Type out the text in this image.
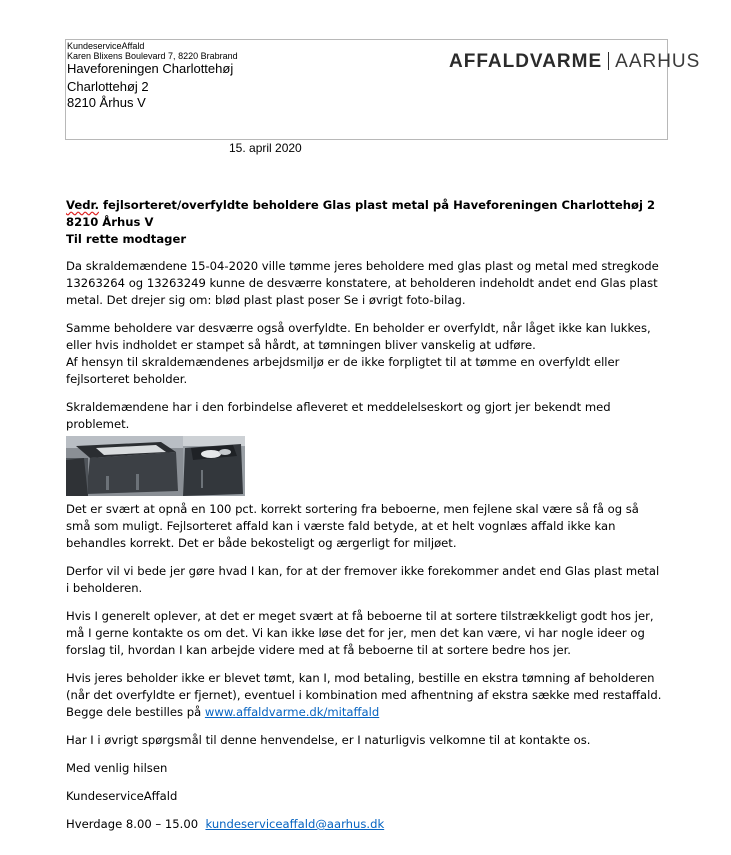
KundeserviceAffald
Karen Blixens Boulevard 7, 8220 Brabrand
Haveforeningen Charlottehøj
Charlottehøj 2
8210 Århus V
AFFALDVARME AARHUS
15. april 2020

Vedr. fejlsorteret/overfyldte beholdere Glas plast metal på Haveforeningen Charlottehøj 2 8210 Århus V

Til rette modtager

Da skraldemændene 15-04-2020 ville tømme jeres beholdere med glas plast og metal med stregkode 13263264 og 13263249 kunne de desværre konstatere, at beholderen indeholdt andet end Glas plast metal. Det drejer sig om: blød plast plast poser Se i øvrigt foto-bilag.

Samme beholdere var desværre også overfyldte. En beholder er overfyldt, når låget ikke kan lukkes, eller hvis indholdet er stampet så hårdt, at tømningen bliver vanskelig at udføre.

Af hensyn til skraldemændenes arbejdsmiljø er de ikke forpligtet til at tømme en overfyldt eller fejlsorteret beholder.

Skraldemændene har i den forbindelse afleveret et meddelelseskort og gjort jer bekendt med problemet.

Det er svært at opnå en 100 pct. korrekt sortering fra beboerne, men fejlene skal være så få og så små som muligt. Fejlsorteret affald kan i værste fald betyde, at et helt vognlæs affald ikke kan behandles korrekt. Det er både bekosteligt og ærgerligt for miljøet.

Derfor vil vi bede jer gøre hvad I kan, for at der fremover ikke forekommer andet end Glas plast metal i beholderen.

Hvis I generelt oplever, at det er meget svært at få beboerne til at sortere tilstrækkeligt godt hos jer, må I gerne kontakte os om det. Vi kan ikke løse det for jer, men det kan være, vi har nogle ideer og forslag til, hvordan I kan arbejde videre med at få beboerne til at sortere bedre hos jer.

Hvis jeres beholder ikke er blevet tømt, kan I, mod betaling, bestille en ekstra tømning af beholderen (når det overfyldte er fjernet), eventuel i kombination med afhentning af ekstra sække med restaffald. Begge dele bestilles på www.affaldvarme.dk/mitaffald

Har I i øvrigt spørgsmål til denne henvendelse, er I naturligvis velkomne til at kontakte os.

Med venlig hilsen

KundeserviceAffald

Hverdage 8.00 – 15.00  kundeserviceaffald@aarhus.dk
